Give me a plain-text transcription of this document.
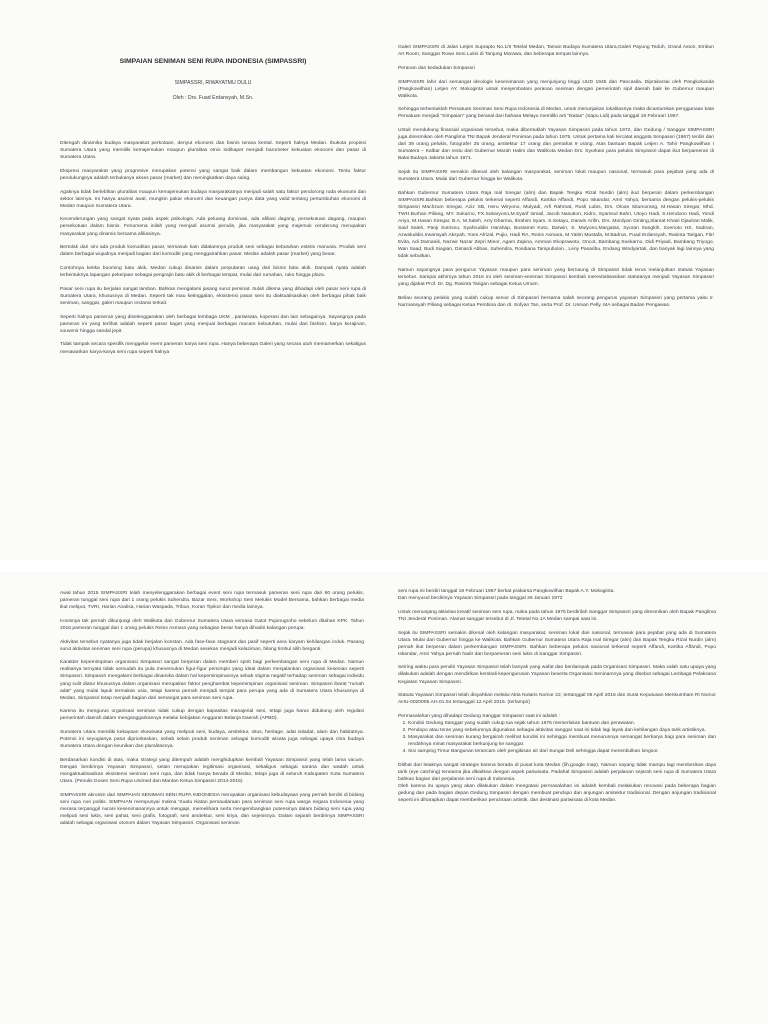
SIMPAIAN SENIMAN SENI RUPA INDONESIA (SIMPASSRI)

SIMPASSRI, RIWAYATMU DULU

Oleh : Drs. Fuad Erdansyah, M.Sn.

Ditengah dinamika budaya masyarakat perkotaan, denyut ekonomi dan bisnis terasa kental. Seperti halnya Medan. Ibukota propinsi Sumatera Utara yang memiliki kemajemukan maupun pluralitas etnis indikapet menjadi barometer kekuatan ekonomi dan pasar di Sumatera Utara.

Ekspresi masyarakat yang progresive merupakan potensi yang sangat baik dalam membangun kekuatan ekonomi. Tentu faktor pendukungnya adalah terbukanya akses pasar (market) dan meningkatkan daya saing.

Agaknya tidak berlebihan pluralitas maupun kemajemukan budaya masyarakatnya menjadi salah satu faktor pendorong roda ekonomi dan sektor lainnya. Ini hanya asumsi awal, mungkin pakar ekonomi dan keuangan punya data yang valid tentang pertumbuhan ekonomi di Medan maupun Sumatera Utara.

Kecenderungan yang sangat nyata pada aspek psikologis. Ada peluang dominasi, ada afiliasi dagang, persekutuan dagang, maupun persekutuan dalam bisnis. Fenomena inilah yang menjadi asumsi penulis, jika masyarakat yang majemuk cenderung merupakan masyarakat yang dinamis bersama afiliasinya.

Bertolak dari sini ada produk komoditas pasar, termasuk kain didalamnya produk seni sebagai kebutuhan estetis manusia. Produk seni dalam berbagai wujudnya menjadi bagian dari komoditi yang menggairahkan pasar. Medan adalah pasar (market) yang besar.

Contohnya ketika booming batu akik, Medan cukup dinamis dalam perputaran uang dari bisnis batu akik. Dampak nyata adalah terbentuknya lapangan pekerjaan sebagai pengrajin batu akik di berbagai tempat, mulai dari rumahan, ruko hingga plaza.

Pasar seni rupa itu berjalan sangat lamban. Bahkan mengalami jasang surut peminat. Itulah dilema yang dihadapi oleh pasar seni rupa di Sumatera Utara, khususnya di Medan. Seperti tak mau ketinggalan, eksistensi pasar seni itu diaktualisasikan oleh berbagai pihak baik seniman, sanggar, galeri maupun instansi terkait.

Seperti halnya pameran yang diselenggarakan oleh berbagai lembaga UKM , pariwisata, koperasi dan lain sebagainya. Sayangnya pada pameran ini yang terlihat adalah seperti pasar kaget yang menjual berbagai macam kebutuhan, mulai dari fashion, karya kerajinan, souvenir hingga sandal jepit.

Tidak tampak secara spesifik menggelar event pameran karya seni rupa. Hanya beberapa Galeri yang secara utuh memamerkan sekaligus menawarkan karya-karya seni rupa seperti halnya

Galeri SIMPASSRI di Jalan Letjen Suprapto No.1/II Tetelal Medan, Taman Budaya Sumatera Utara,Galeri Payung Teduh, Grand Aston, Embun Art Room, Sanggar Rowo Seni Lukis di Tanjung Morawa, dan beberapa tempat lainnya.

Peranan dan kedudukan Simpassri

SIMPASSRI lahir dari semangat ideologis kesenimanan yang menjunjung tinggi UUD 1945 dan Pancasila. Diprakarsai oleh Pangkokanda (Pangkowilhan) Letjen AY. Mokoginta untuk menjembatani peranan seniman dengan pemerintah sipil daerah baik ke Gubernur maupun Walikota.

Sehingga terbentuklah Persatuan Seniman Seni Rupa Indonesia di Medan, untuk menunjukan lokalitasnya maka dicantumkan penggunaan kata Persatuan menjadi “Simpaian” yang berasal dari bahasa Melayu memiliki arti “Ikatan” (Sapu Lidi) pada tanggal 18 Februari 1967.

Untuk mendukung finansial organisasi tersebut, maka dibentuklah Yayasan Simpassri pada tahun 1972, dan Gedung / Sanggar SIMPASSRI juga diresmikan oleh Panglima TNI Bapak Jenderal Poniman pada tahun 1975. Untuk pertama kali tercatat anggota Simpassri (1967) terdiri dari dari 39 orang pelukis, fotografer 25 orang, arsitektur 17 orang dan pemahat 9 orang. Atas bantuan Bapak Letjen A. Tahir Pangkowilhan I Sumatera – Kalbar dan restu dari Gubernur Marah Halim dan Walikota Medan Drs. Syurkani para pelukis Simpassri dapat ikut berpameran di Balai Budaya Jakarta tahun 1971.

Sejak itu SIMPASSRI semakin dikenal oleh kalangan masyarakat, seniman lokal maupun nasional, termasuk para pejabat yang ada di Sumatera Utara. Mulai dari Gubernur hingga ke Walikota.

Bahkan Gubernur Sumatera Utara Raja Inal Siregar (alm) dan Bapak Tengku Rizal Nurdin (alm) ikut berperan dalam perkembangan SIMPASSRI.Bahkan beberapa pelukis terkenal seperti Affandi, Kartika Affandi, Popo Iskandar, Amri Yahya, bersama dengan pelukis-pelukis Simpassri Machzum Siregar, Aziz SB, Heru Wiryono, Mulyadi, Arfi Rahmat, Rusli Lubis, Drs. Oloan Situmorang, M.Hasan Siregar, Mhd. TWH.Burhan Piliang, MY. Sukarno, FX.Sukaryono,M.Syarif Ismail, Jacob Nasution, Kidro, Syamsul Bahri, Utoyo Hadi, S.Hendono Hadi, Yondi Ariyo, M.Hasan Siregar, B.A, M.Saleh, Arry Dharma, Ibrahim Syam. S.Setayu, Darwin Arifin, Drs. Mordyan Ginting,Slamat Khairi Djauhari Malik, Said Saleh, Panji Sutrisno, Syahruddin Harahap, Bustamel Koto, Darwin, S. Mulyono,Margatas, Syoran Sangkih, Soenoto HS, Sadiran, Azwaluddin,Irwansyah Aksyah, Yoes Afrizal, Pujio, Hadi RA, Reins Asmara, M.Yatim Mustafa, M.Badrun, Fuad Erdansyah, Rasinta Tarigan, Fitri Evita, Adi Damanik, Nazwir Nazar Zepri Minor, Agam Zapina, Amman Ekoprawoto, Oncot, Bambang Soekarno, Didi Priyadi, Bambang Triyogo, Wan Saad, Budi Siagian, Dimardi Abbas, Suhendra, Rosdiana Tampubolon., Leny Pasaribu, Endang Windyartati, dan banyak lagi lainnya yang tidak sebutkan.

Namun sayangnya para pengurus Yayasan maupun para seniman yang bernaung di Simpassri tidak terus melanjutkan statuta Yayasan tersebut. Sampai akhirnya tahun 2016 ini oleh seniman-seniman Simpassri kembali merevitalisasikan statutanya menjadi Yayasan Simpassri yang dijabat Prof. Dr. Dg. Rasinta Tarigan sebagai Ketua Umum.

Beliau seorang pelukis yang sudah cukup senior di Simpassri bersama salah seorang pengurus yayasan Simpassri yang pertama yaitu Ir. Nurmansyah Piliang sebagai Ketua Pembina dan dr. Sofyan Tan, serta Prof. Dr. Usman Pelly, MA sebagai Badan Pengawas.

Awal tahun 2015 SIMPASSRI telah menyelenggarakan berbagai event seni rupa termasuk pameran seni rupa dari 60 orang pelukis, pameran tunggal seni rupa dari 1 orang pelukis Suhendra. Bazar Seni, Workshop Seni Melukis Model Bersama, bahkan berbagai media ikut meliput, TVRI, Harian Analisa, Harian Waspada, Tribun, Koran Tipikor dan media lainnya.

Ironisnya tak pernah dikunjungi oleh Walikota dan Gubernur Sumatera Utara semasa Gatot Pujonugroho sebelum ditahan KPK. Tahun 2016 pameran tunggal dari 1 orang pelukis Reins Asmara yang sebagian besar hanya dihadiri kalangan perupa.

Aktivitas tersebut nyatanya juga tidak berjalan konstan. Ada fase-fase stagnant dan pasif seperti area karyam kehilangan induk. Pasang surut aktivitas seniman seni rupa (perupa) khususnya di Medan sesekan menjadi kelaziman, hilang timbul silih berganti.

Karakter kepemimpinan organisasi Simpassri sangat berperan dalam memberi spirit bagi perkembangan seni rupa di Medan. Namun realitanya ternyata tidak semudah itu pula menemukan figur-figur pemimpin yang ideal dalam menjalankan organisasi kesenian seperti Simpassri. Simpassri mengalami berbagai dinamika dalam hal kepemimpinannya sebab stigma negatif terhadap seniman sebagai individu yang sulit diatur khususnya dalam organisasi merupakan faktor penghambat kepemimpinan organisasi seniman. Simpassri ibarat “rumah adat” yang mulai lapuk termakan usia, tetapi karena pernah menjadi tempat para perupa yang ada di Sumatera Utara khususnya di Medan, Simpassri tetap menjadi bagian dari semangat para seniman seni rupa.

Karena itu mengurus organisasi seniman tidak cukup dengan kapasitas manajerial seni, tetapi juga harus didukung oleh regulasi pemerintah daerah dalam menganggarkannya melalui kebijakan Anggaran Belanja Daerah (APBD).

Sumatera Utara memiliki kekayaan ekowisata yang meliputi seni, budaya, arsitektur, situs, heritage, adat istiadat, alam dan habitatnya. Potensi ini seyogianya patut diprioritaskan, sebab selain produk seniman sebagai komoditi wisata juga sebagai upaya citra budaya Sumatera Utara dengan keunikan dan pluralitasnya.

Berdasarkan kondisi di atas, maka strategi yang ditempuh adalah menghidupkan kembali Yayasan Simpassri yang telah lama vacum. Dengan berdirinya Yayasan Simpassri, selain merupakan legitimasi organisasi, sekaligus sebagai sarana dan wadah untuk mengaktualisasikan eksistensi seniman seni rupa, dan tidak hanya berada di Medan, tetapi juga di seluruh Kabupaten Kota Sumatera Utara. (Penulis Dosen Seni Rupa Unimed dan Mantan Ketua Simpassri 2014-2016)

SIMPASSRI akronim dari SIMPAIAN SENIMAN SENI RUPA INDONESIA merupakan organisasi kebudayaan yang pernah berdiri di bidang seni rupa non politis. SIMPAIAN mempunyai makna 'Suatu Ikatan persaudaraan para seniman seni rupa warga negara Indonesia yang merasa terpanggil nurani kesenimanannya untuk mengapi, memelihara serta mengembangkan potensinya dalam bidang seni rupa yang meliputi seni lukis, seni pahat, seni grafis, fotografi, seni arsitektur, seni kriya, dan sejenisnya. Dalam sejarah berdirinya SIMPASSRI adalah sebagai organisasi otonom dalam Yayasan Simpassri. Organisasi seniman

seni rupa ini berdiri tanggal 18 Februari 1967 berkat prakarsa Pangkowilhan Bapak A.Y. Mokoginta.

Dan menyusul berdirinya Yayasan Simpassri pada tanggal 26 Januari 1972

Untuk menunjang aktivitas kreatif seniman seni rupa, maka pada tahun 1975 berdirilah Sanggar Simpassri yang diresmikan oleh Bapak Panglima TNI Jenderal Poniman. Alamat sanggar tersebut di Jl. Tetetal No.1A Medan sampai saat ini.

Sejak itu SIMPASSRI semakin dikenal oleh kalangan masyarakat, seniman lokal dan nasional, termasuk para pejabat yang ada di Sumatera Utara. Mulai dari Gubernur hingga ke Walikota. Bahkan Gubernur Sumatera Utara Raja Inal Siregar (alm) dan Bapak Tengku Rizal Nurdin (alm) pernah ikut berperan dalam perkembangan SIMPASSRI. Bahkan beberapa pelukis nasional terkenal seperti Affandi, Kartika Affandi, Popo Iskandar, Amri Yahya pernah hadir dan berpameran seni lukis di Sanggar Simpassri.

Seiring waktu para pendiri Yayasan Simpassri telah banyak yang wafat dan berdampak pada Organisasi Simpassri. Maka salah satu upaya yang dilakukan adalah dengan mendirikan kembali kepengurusan Yayasan beserta Organisasi Seninamnya yang disebut sebagai Lembaga Pelaksana Kegiatan Yayasan Simpassri.

Statuta Yayasan Simpassri telah disyahkan melalui Akta Notaris Nomor 22, tertanggal 05 April 2016 dan Surat Keputusan Menkumham RI Nomor AHU-0020005.AH.01.04 tertanggal 12 April 2016. (terlampir)

Permasalahan yang dihadapi Gedung Sanggar Simpassri saat ini adalah :

1. Kondisi Gedung Sanggar yang sudah cukup tua sejak tahun 1975 memerlukan bantuan dan perawatan.
2. Pendopo atau teras yang sebelumnya digunakan sebagai aktivitas sanggar saat ini tidak lagi layak dan kehilangan daya tarik artistiknya.
3. Masyarakat dan seniman kurang bergairah melihat kondisi ini sehingga membuat menurunnya semangat berkarya bagi para seniman dan rendahnya minat masyarakat berkunjung ke sanggar.
4. Sisi samping Timur Bangunan terancam oleh pengikisan air dari Sungai Deli sehingga dapat menimbulkan longsor.

Dilihat dari letaknya sangat strategis karena berada di pusat kota Medan (lih.google map). Namun sayang tidak mampu lagi memberikan daya tarik (eye catching) terutama jika dikaitkan dengan aspek pariwisata. Padahal Simpassri adalah perjalanan sejarah seni rupa di Sumatera Utara bahkan bagian dari perjalanan seni rupa di Indonesia.

Oleh karena itu upaya yang akan dilakukan dalam mengatasi permasalahan ini adalah kembali melakukan renovasi pada beberapa bagian gedung dan pada bagian depan Gedung Simpassri dengan membuat pendopo dan anjungan arsitektur tradisional. Dengan anjungan tradisional seperti ini diharapkan dapat memberikan pencitraan artistik, dan destinasi pariwisata di kota Medan.
